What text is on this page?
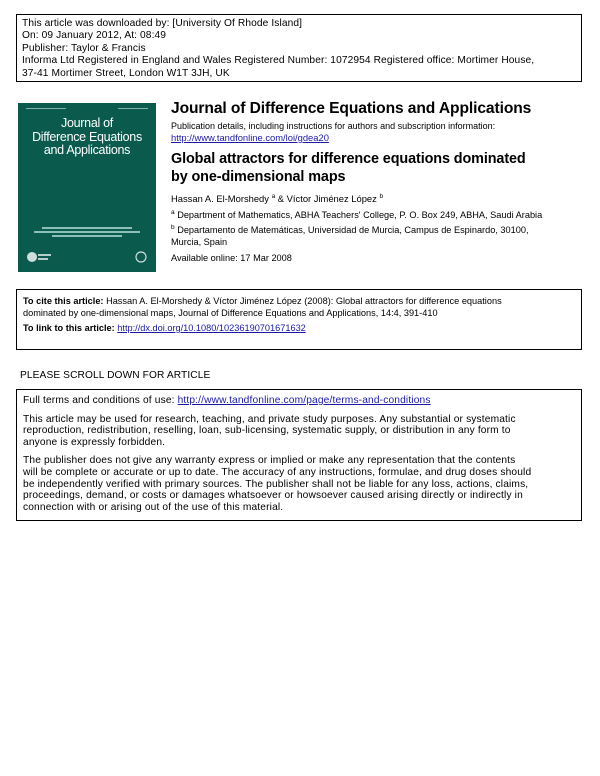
This article was downloaded by: [University Of Rhode Island]
On: 09 January 2012, At: 08:49
Publisher: Taylor & Francis
Informa Ltd Registered in England and Wales Registered Number: 1072954 Registered office: Mortimer House,
37-41 Mortimer Street, London W1T 3JH, UK
Journal of
Difference Equations
and Applications
Journal of Difference Equations and Applications
Publication details, including instructions for authors and subscription information:
http://www.tandfonline.com/loi/gdea20
Global attractors for difference equations dominated
by one-dimensional maps
Hassan A. El-Morshedy $^a$ & Víctor Jiménez López $^b$
$^a$ Department of Mathematics, ABHA Teachers' College, P. O. Box 249, ABHA, Saudi Arabia
$^b$ Departamento de Matemáticas, Universidad de Murcia, Campus de Espinardo, 30100,
Murcia, Spain
Available online: 17 Mar 2008
To cite this article: Hassan A. El-Morshedy & Víctor Jiménez López (2008): Global attractors for difference equations
dominated by one-dimensional maps, Journal of Difference Equations and Applications, 14:4, 391-410
To link to this article: http://dx.doi.org/10.1080/10236190701671632
PLEASE SCROLL DOWN FOR ARTICLE

Full terms and conditions of use: http://www.tandfonline.com/page/terms-and-conditions

This article may be used for research, teaching, and private study purposes. Any substantial or systematic
reproduction, redistribution, reselling, loan, sub-licensing, systematic supply, or distribution in any form to
anyone is expressly forbidden.

The publisher does not give any warranty express or implied or make any representation that the contents
will be complete or accurate or up to date. The accuracy of any instructions, formulae, and drug doses should
be independently verified with primary sources. The publisher shall not be liable for any loss, actions, claims,
proceedings, demand, or costs or damages whatsoever or howsoever caused arising directly or indirectly in
connection with or arising out of the use of this material.
